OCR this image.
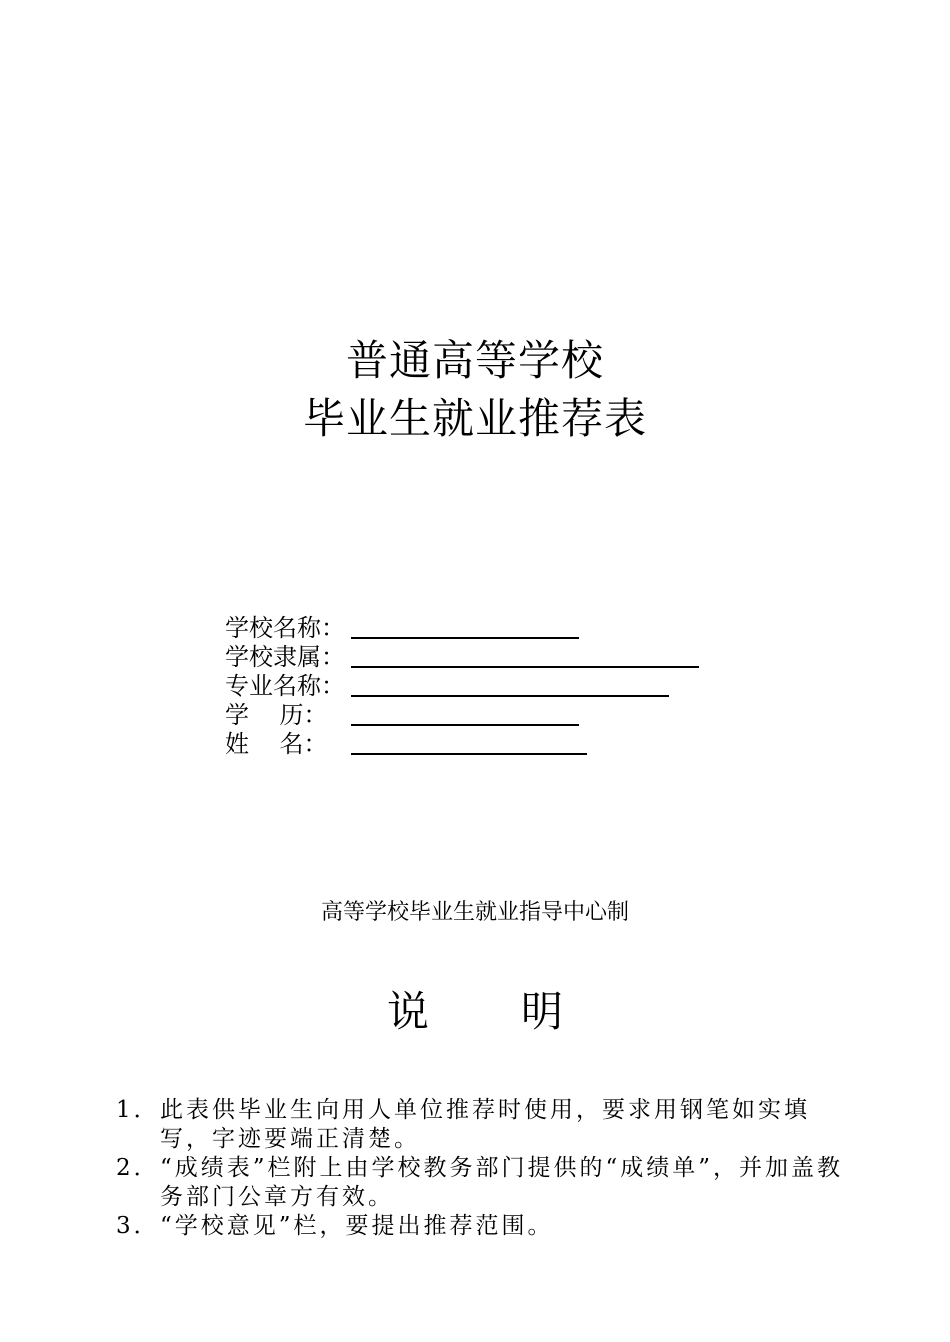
普通高等学校
毕业生就业推荐表
学校名称：
学校隶属：
专业名称：
学    历：
姓    名：
高等学校毕业生就业指导中心制
说 明
1． 此表供毕业生向用人单位推荐时使用，要求用钢笔如实填写，字迹要端正清楚。
2． “成绩表”栏附上由学校教务部门提供的“成绩单”，并加盖教务部门公章方有效。
3． “学校意见”栏，要提出推荐范围。
